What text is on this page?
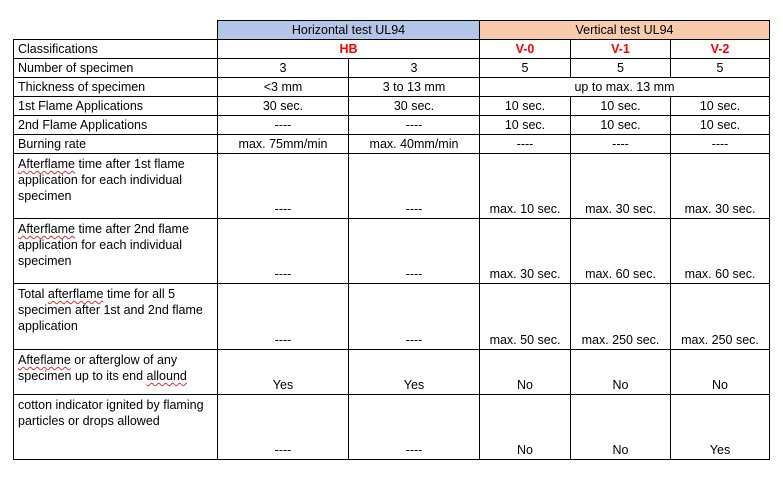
	Horizontal test UL94		Vertical test UL94		
Classifications	HB		V-0	V-1	V-2
Number of specimen	3	3	5	5	5
Thickness of specimen	<3 mm	3 to 13 mm	up to max. 13 mm		
1st Flame Applications	30 sec.	30 sec.	10 sec.	10 sec.	10 sec.
2nd Flame Applications	----	----	10 sec.	10 sec.	10 sec.
Burning rate	max. 75mm/min	max. 40mm/min	----	----	----
Afterflame time after 1st flame application for each individual specimen	----	----	max. 10 sec.	max. 30 sec.	max. 30 sec.
Afterflame time after 2nd flame application for each individual specimen	----	----	max. 30 sec.	max. 60 sec.	max. 60 sec.
Total afterflame time for all 5 specimen after 1st and 2nd flame application	----	----	max. 50 sec.	max. 250 sec.	max. 250 sec.
Afteflame or afterglow of any specimen up to its end allound	Yes	Yes	No	No	No
cotton indicator ignited by flaming particles or drops allowed	----	----	No	No	Yes
